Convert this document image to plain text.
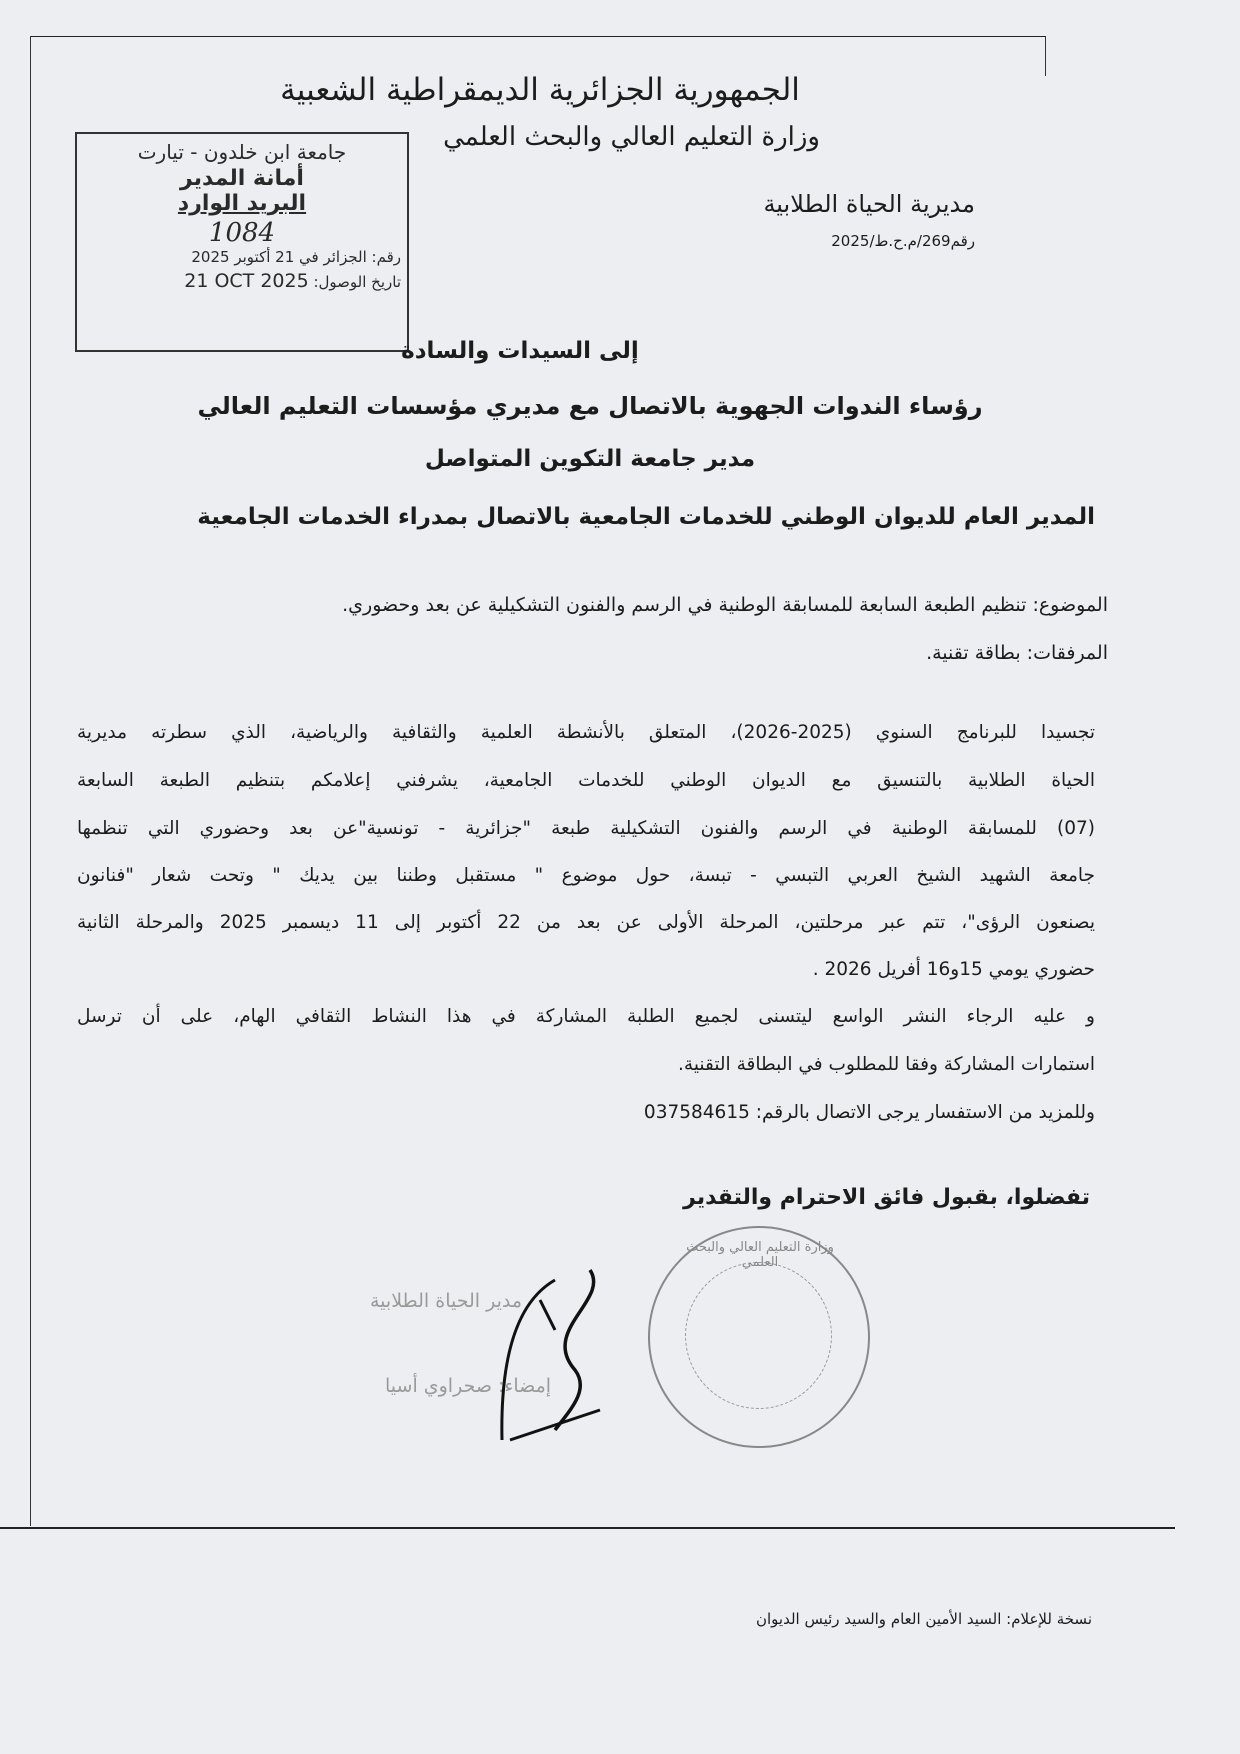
الجمهورية الجزائرية الديمقراطية الشعبية
وزارة التعليم العالي والبحث العلمي
مديرية الحياة الطلابية
رقم269/م.ح.ط/2025
جامعة ابن خلدون - تيارت
أمانة المدير
البريد الوارد
1084
رقم: الجزائر في 21 أكتوبر 2025
تاريخ الوصول: 21 OCT 2025
إلى السيدات والسادة
رؤساء الندوات الجهوية بالاتصال مع مديري مؤسسات التعليم العالي
مدير جامعة التكوين المتواصل
المدير العام للديوان الوطني للخدمات الجامعية بالاتصال بمدراء الخدمات الجامعية
الموضوع: تنظيم الطبعة السابعة للمسابقة الوطنية في الرسم والفنون التشكيلية عن بعد وحضوري.
المرفقات: بطاقة تقنية.
تجسيدا للبرنامج السنوي (2025-2026)، المتعلق بالأنشطة العلمية والثقافية والرياضية، الذي سطرته مديرية
الحياة الطلابية بالتنسيق مع الديوان الوطني للخدمات الجامعية، يشرفني إعلامكم بتنظيم الطبعة السابعة
(07) للمسابقة الوطنية في الرسم والفنون التشكيلية طبعة "جزائرية - تونسية"عن بعد وحضوري التي تنظمها
جامعة الشهيد الشيخ العربي التبسي - تبسة، حول موضوع " مستقبل وطننا بين يديك " وتحت شعار "فنانون
يصنعون الرؤى"، تتم عبر مرحلتين، المرحلة الأولى عن بعد من 22 أكتوبر إلى 11 ديسمبر 2025 والمرحلة الثانية
حضوري يومي 15و16 أفريل 2026 .
و عليه الرجاء النشر الواسع ليتسنى لجميع الطلبة المشاركة في هذا النشاط الثقافي الهام، على أن ترسل
استمارات المشاركة وفقا للمطلوب في البطاقة التقنية.
وللمزيد من الاستفسار يرجى الاتصال بالرقم: 037584615
تفضلوا، بقبول فائق الاحترام والتقدير
وزارة التعليم العالي والبحث العلمي
مدير الحياة الطلابية
إمضاء: صحراوي أسيا
نسخة للإعلام: السيد الأمين العام والسيد رئيس الديوان
